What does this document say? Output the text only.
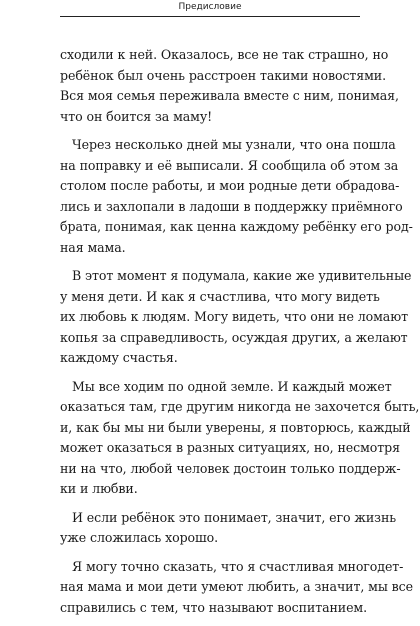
Предисловие

сходили к ней. Оказалось, все не так страшно, но
ребёнок был очень расстроен такими новостями.
Вся моя семья переживала вместе с ним, понимая,
что он боится за маму!

Через несколько дней мы узнали, что она пошла
на поправку и её выписали. Я сообщила об этом за
столом после работы, и мои родные дети обрадова-
лись и захлопали в ладоши в поддержку приёмного
брата, понимая, как ценна каждому ребёнку его род-
ная мама.

В этот момент я подумала, какие же удивительные
у меня дети. И как я счастлива, что могу видеть
их любовь к людям. Могу видеть, что они не ломают
копья за справедливость, осуждая других, а желают
каждому счастья.

Мы все ходим по одной земле. И каждый может
оказаться там, где другим никогда не захочется быть,
и, как бы мы ни были уверены, я повторюсь, каждый
может оказаться в разных ситуациях, но, несмотря
ни на что, любой человек достоин только поддерж-
ки и любви.

И если ребёнок это понимает, значит, его жизнь
уже сложилась хорошо.

Я могу точно сказать, что я счастливая многодет-
ная мама и мои дети умеют любить, а значит, мы все
справились с тем, что называют воспитанием.
